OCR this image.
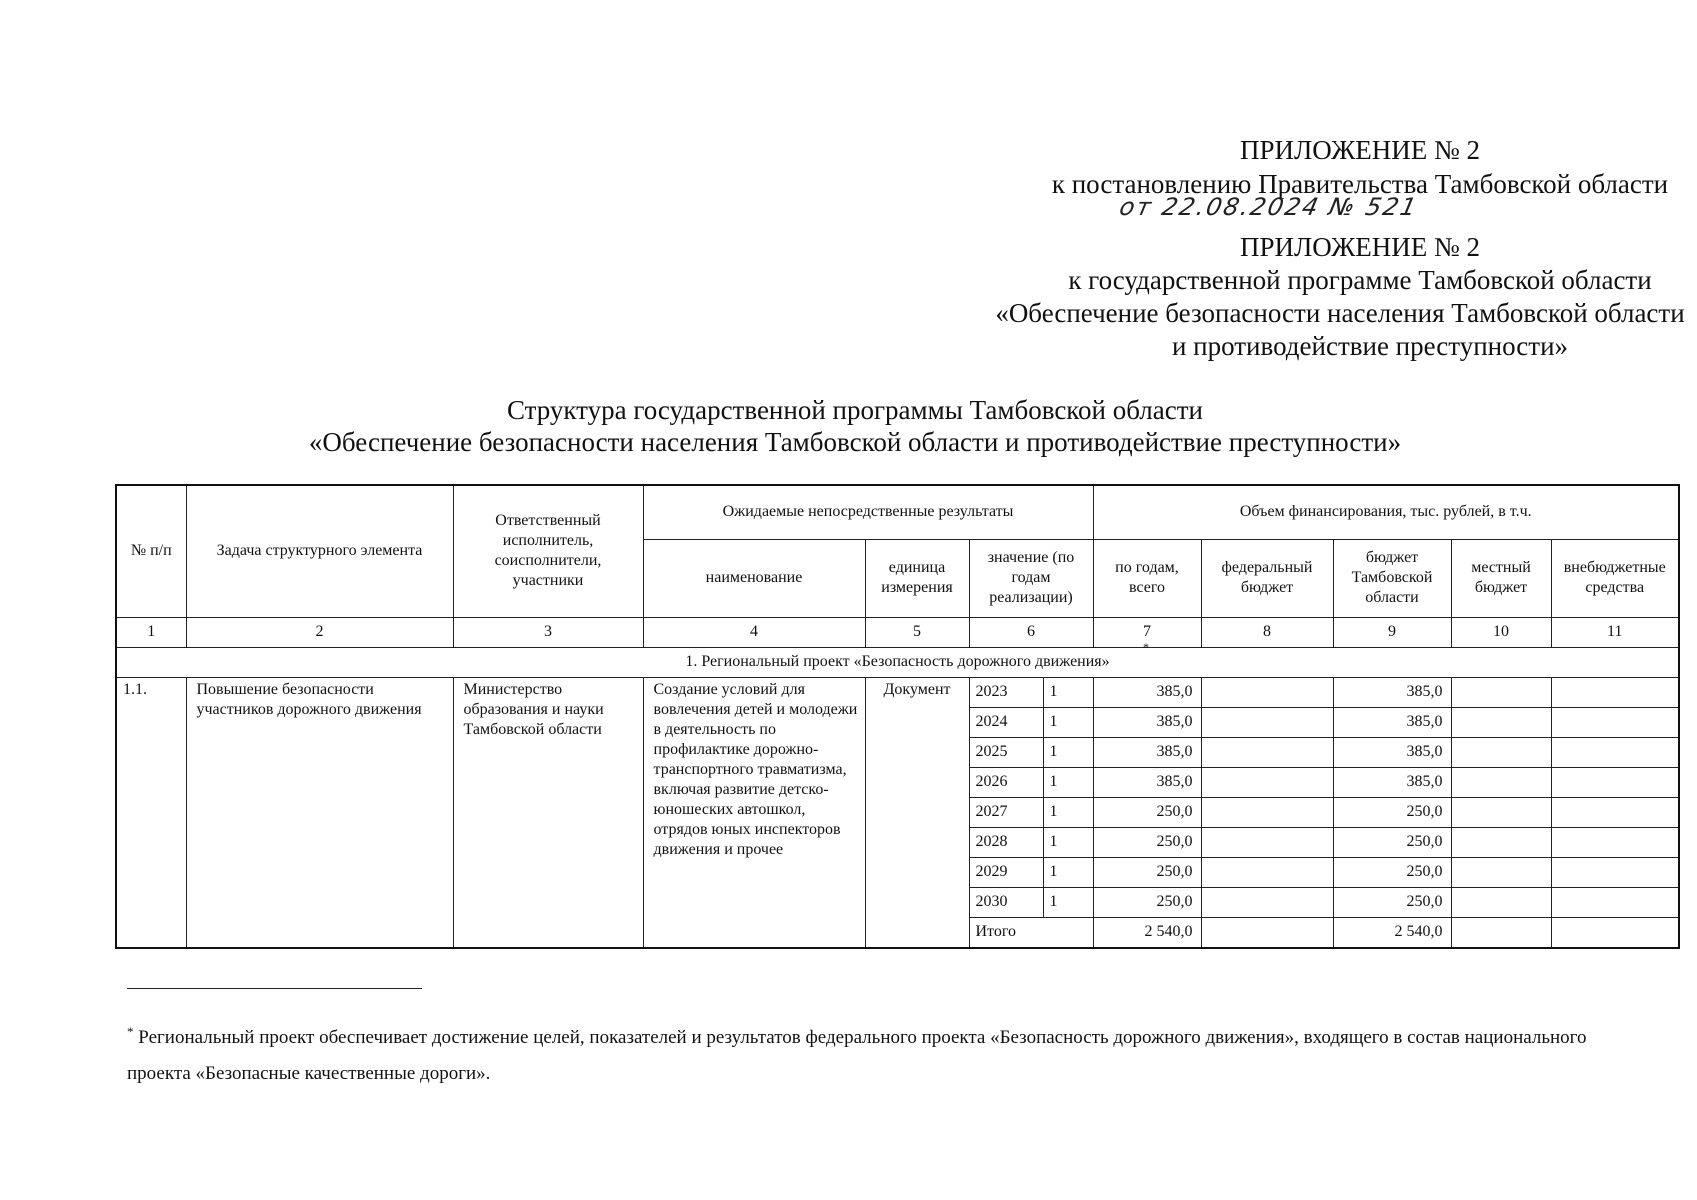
ПРИЛОЖЕНИЕ № 2
к постановлению Правительства Тамбовской области
от 22.08.2024 № 521
ПРИЛОЖЕНИЕ № 2
к государственной программе Тамбовской области
«Обеспечение безопасности населения Тамбовской области
и противодействие преступности»
Структура государственной программы Тамбовской области
«Обеспечение безопасности населения Тамбовской области и противодействие преступности»
№ п/п	Задача структурного элемента	Ответственный исполнитель, соисполнители, участники	Ожидаемые непосредственные результаты				Объем финансирования, тыс. рублей, в т.ч.				
			наименование	единица измерения	значение (по годам реализации)		по годам, всего	федеральный бюджет	бюджет Тамбовской области	местный бюджет	внебюджетные средства
1	2	3	4	5	6		7	8	9	10	11
1. Региональный проект «Безопасность дорожного движения»											
1.1.	Повышение безопасности участников дорожного движения	Министерство образования и науки Тамбовской области	Создание условий для вовлечения детей и молодежи в деятельность по профилактике дорожно-транспортного травматизма, включая развитие детско-юношеских автошкол, отрядов юных инспекторов движения и прочее	Документ	2023	1	385,0		385,0		
					2024	1	385,0		385,0		
					2025	1	385,0		385,0		
					2026	1	385,0		385,0		
					2027	1	250,0		250,0		
					2028	1	250,0		250,0		
					2029	1	250,0		250,0		
					2030	1	250,0		250,0		
					Итого		2 540,0		2 540,0		
*
* Региональный проект обеспечивает достижение целей, показателей и результатов федерального проекта «Безопасность дорожного движения», входящего в состав национального проекта «Безопасные качественные дороги».
